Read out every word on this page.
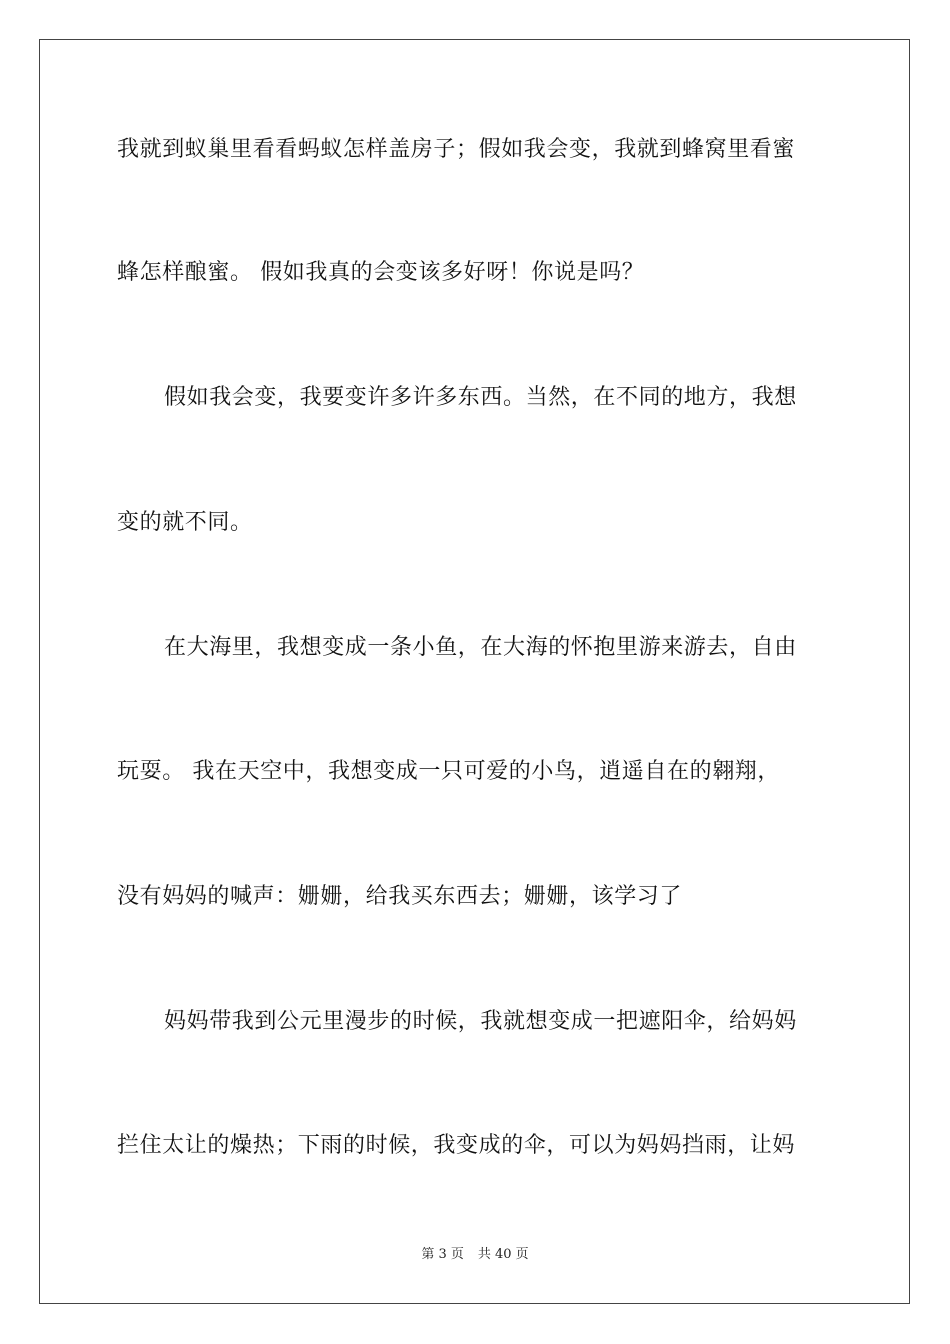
我就到蚁巢里看看蚂蚁怎样盖房子；假如我会变，我就到蜂窝里看蜜
蜂怎样酿蜜。 假如我真的会变该多好呀！你说是吗？
假如我会变，我要变许多许多东西。当然，在不同的地方，我想
变的就不同。
在大海里，我想变成一条小鱼，在大海的怀抱里游来游去，自由
玩耍。 我在天空中，我想变成一只可爱的小鸟，逍遥自在的翱翔，
没有妈妈的喊声：姗姗，给我买东西去；姗姗，该学习了
妈妈带我到公元里漫步的时候，我就想变成一把遮阳伞，给妈妈
拦住太让的燥热；下雨的时候，我变成的伞，可以为妈妈挡雨，让妈
第 3 页 共 40 页
